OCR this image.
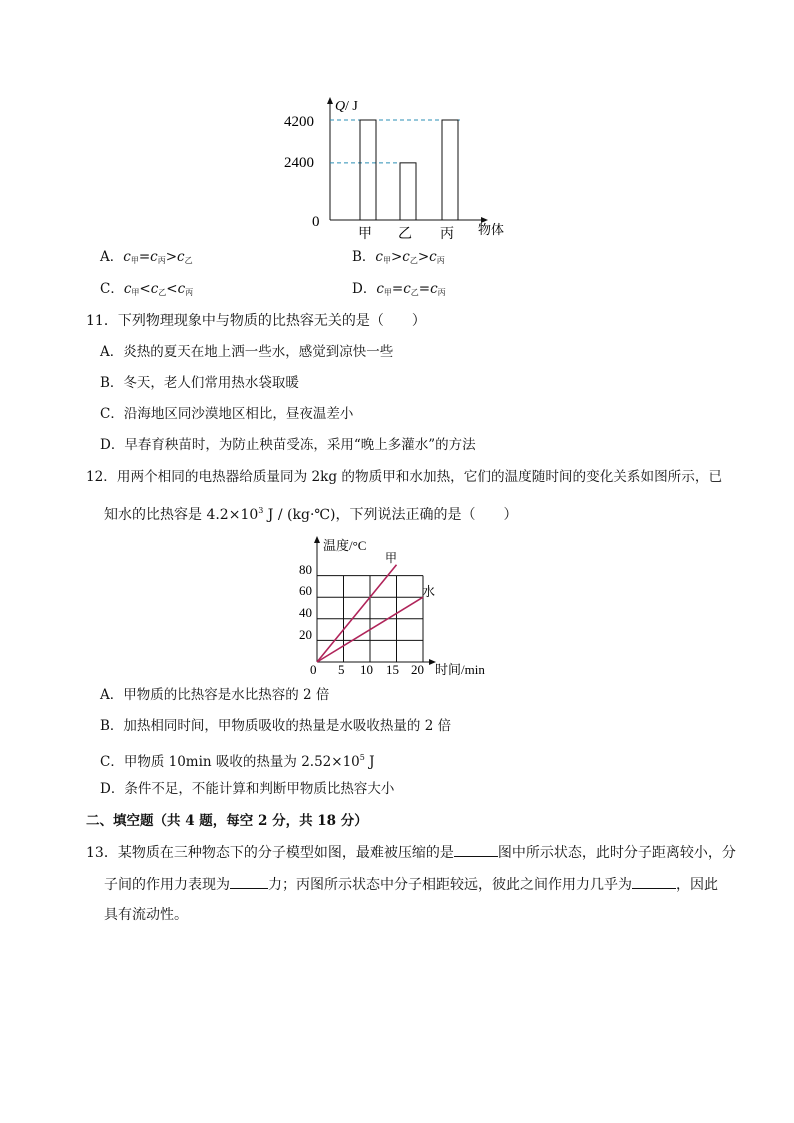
Q / J
4200
2400
0
甲 乙 丙 物体
A．$c_甲=c_丙>c_乙$	B．$c_甲>c_乙>c_丙$
C．$c_甲<c_乙<c_丙$	D．$c_甲=c_乙=c_丙$
11．下列物理现象中与物质的比热容无关的是（　　）
A．炎热的夏天在地上洒一些水，感觉到凉快一些
B．冬天，老人们常用热水袋取暖
C．沿海地区同沙漠地区相比，昼夜温差小
D．早春育秧苗时，为防止秧苗受冻，采用“晚上多灌水”的方法
12．用两个相同的电热器给质量同为 2kg 的物质甲和水加热，它们的温度随时间的变化关系如图所示，已
知水的比热容是 $4.2\times 10^3$ J / (kg·℃)，下列说法正确的是（　　）
温度/°C
甲
水
80
60
40
20
0 5 10 15 20 时间/min
A．甲物质的比热容是水比热容的 2 倍
B．加热相同时间，甲物质吸收的热量是水吸收热量的 2 倍
C．甲物质 10min 吸收的热量为 $2.52\times 10^5$ J
D．条件不足，不能计算和判断甲物质比热容大小
二、填空题（共 4 题，每空 2 分，共 18 分）
13．某物质在三种物态下的分子模型如图，最难被压缩的是	图中所示状态，此时分子距离较小，分
子间的作用力表现为	力；丙图所示状态中分子相距较远，彼此之间作用力几乎为	，因此
具有流动性。
